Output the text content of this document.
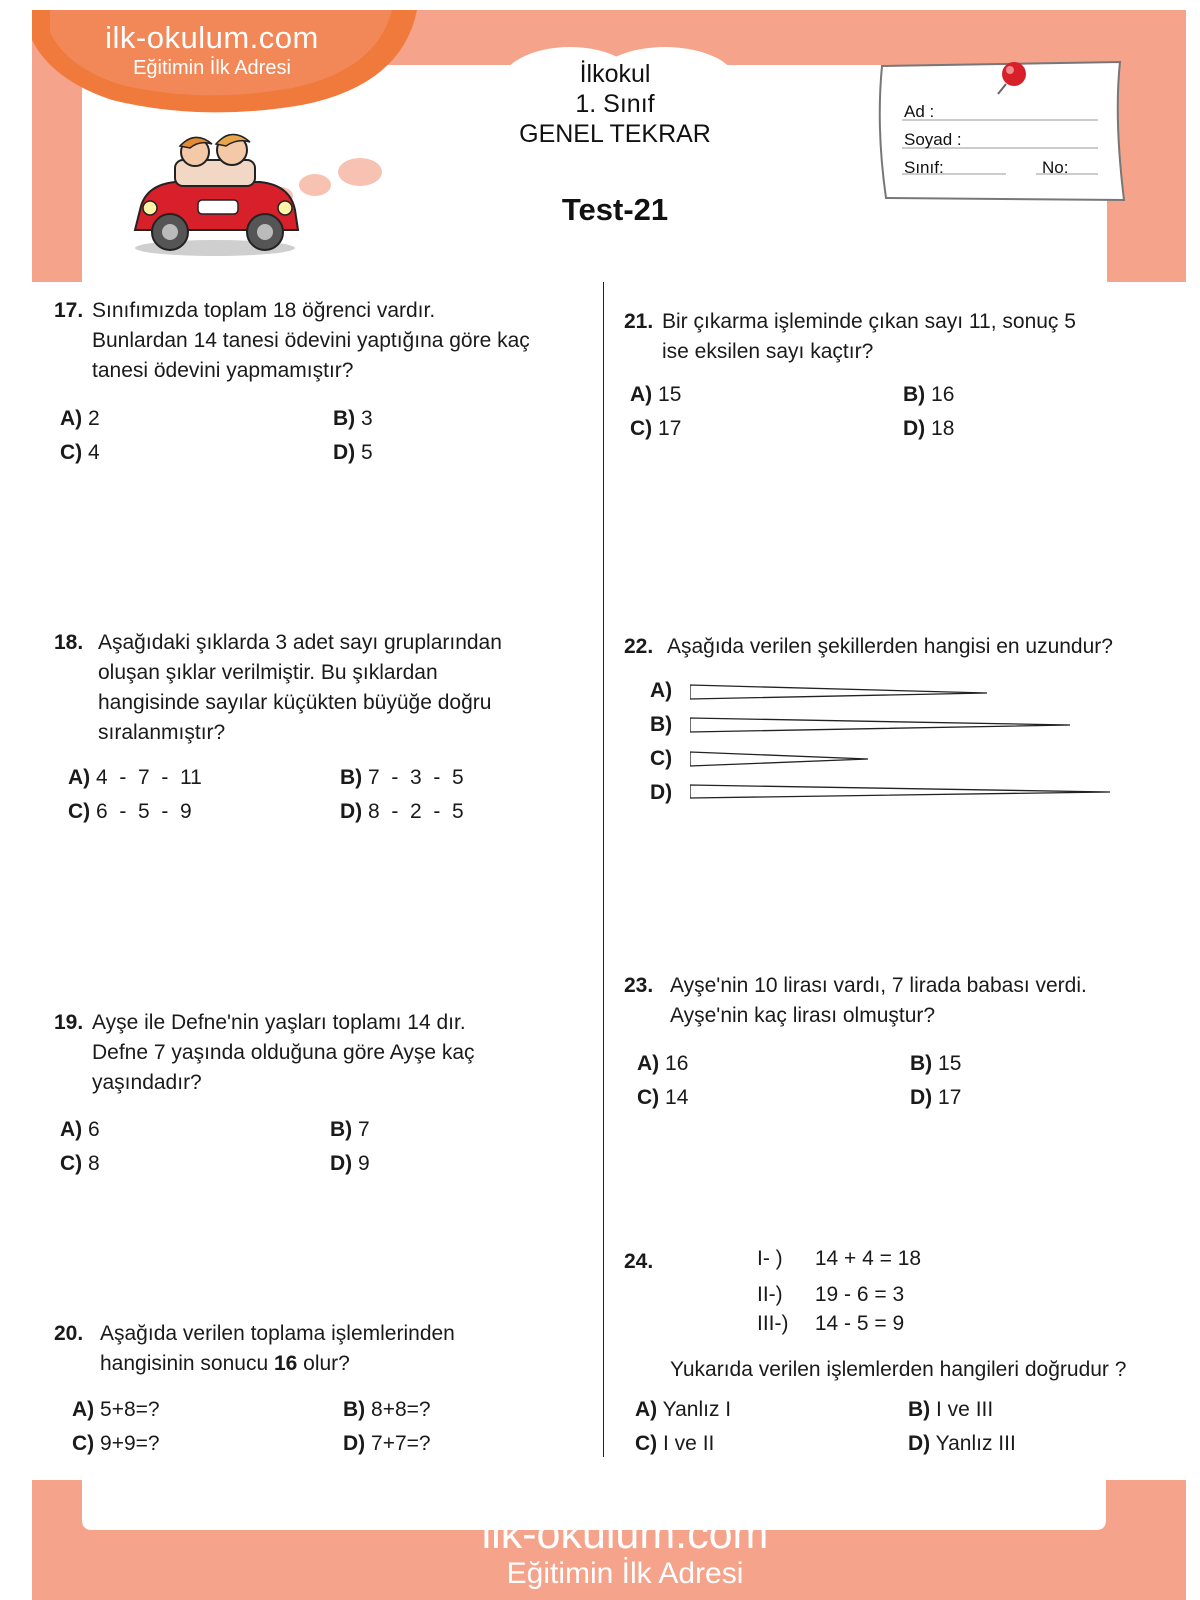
ilk-okulum.com
Eğitimin İlk Adresi	İlkokul
1. Sınıf
GENEL TEKRAR
Test-21
Ad :
Soyad :
Sınıf:	No:
17. Sınıfımızda toplam 18 öğrenci vardır.
Bunlardan 14 tanesi ödevini yaptığına göre kaç
tanesi ödevini yapmamıştır?
A) 2	B) 3
C) 4	D) 5
18. Aşağıdaki şıklarda 3 adet sayı gruplarından
oluşan şıklar verilmiştir. Bu şıklardan
hangisinde sayılar küçükten büyüğe doğru
sıralanmıştır?
A) 4  -  7  -  11	B) 7  -  3  -  5
C) 6  -  5  -  9	D) 8  -  2  -  5
19. Ayşe ile Defne'nin yaşları toplamı 14 dır.
Defne 7 yaşında olduğuna göre Ayşe kaç
yaşındadır?
A) 6	B) 7
C) 8	D) 9
20. Aşağıda verilen toplama işlemlerinden
hangisinin sonucu 16 olur?
A) 5+8=?	B) 8+8=?
C) 9+9=?	D) 7+7=?
21. Bir çıkarma işleminde çıkan sayı 11, sonuç 5
ise eksilen sayı kaçtır?
A) 15	B) 16
C) 17	D) 18
22. Aşağıda verilen şekillerden hangisi en uzundur?
A)
B)
C)
D)
23. Ayşe'nin 10 lirası vardı, 7 lirada babası verdi.
Ayşe'nin kaç lirası olmuştur?
A) 16	B) 15
C) 14	D) 17
24.	I- ) 14 + 4 = 18
II-) 19 - 6 = 3
III-) 14 - 5 = 9
Yukarıda verilen işlemlerden hangileri doğrudur ?
A) Yanlız I	B) I ve III
C) I ve II	D) Yanlız III
ilk-okulum.com
Eğitimin İlk Adresi
